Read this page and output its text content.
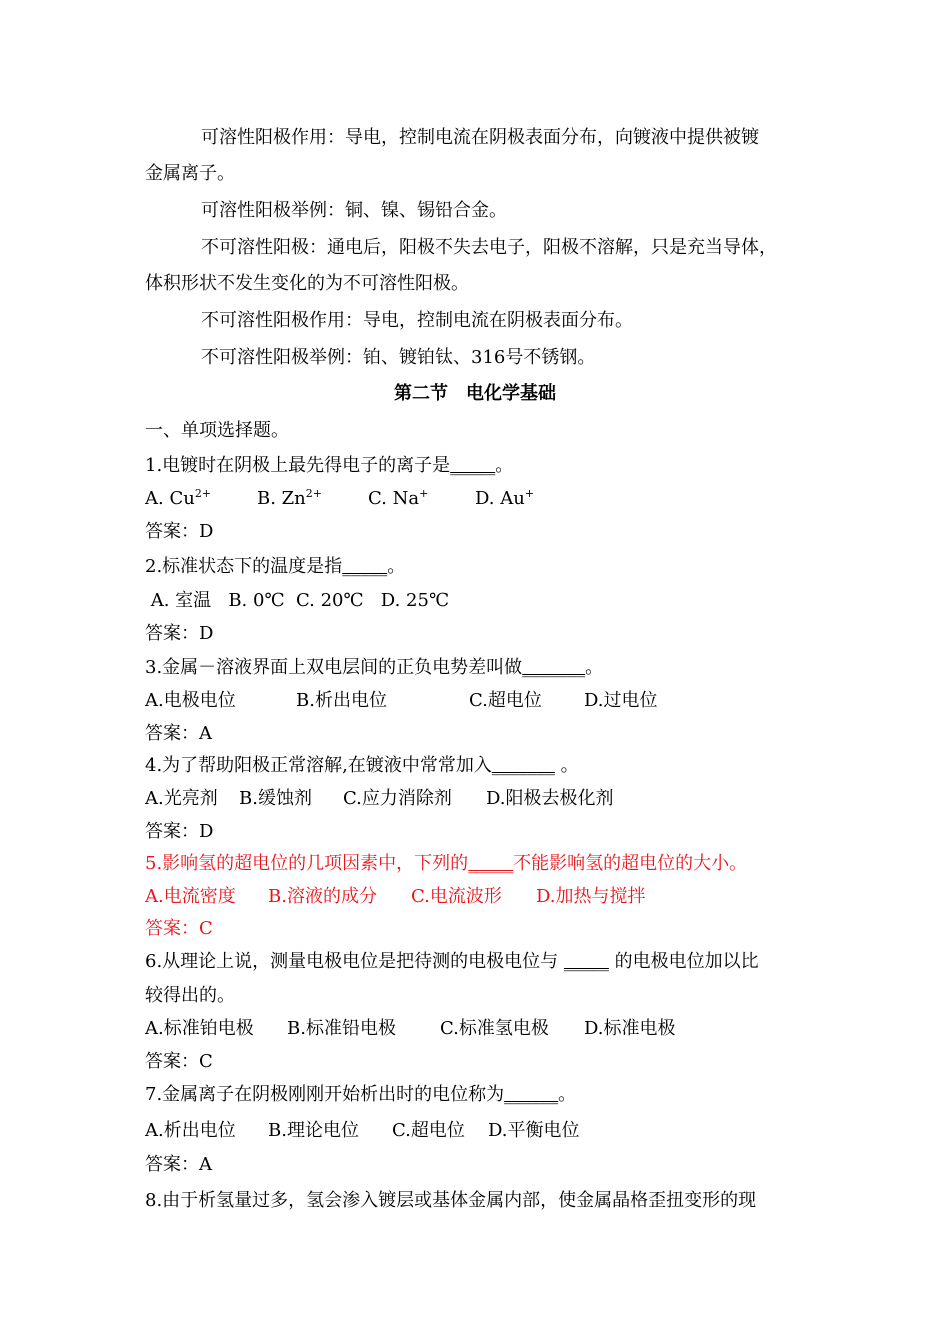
可溶性阳极作用：导电，控制电流在阴极表面分布，向镀液中提供被镀
金属离子。
可溶性阳极举例：铜、镍、锡铅合金。
不可溶性阳极：通电后，阳极不失去电子，阳极不溶解，只是充当导体，
体积形状不发生变化的为不可溶性阳极。
不可溶性阳极作用：导电，控制电流在阴极表面分布。
不可溶性阳极举例：铂、镀铂钛、316号不锈钢。
第二节　电化学基础
一、单项选择题。
1.电镀时在阴极上最先得电子的离子是_____。
A. $Cu^{2+}$	B. $Zn^{2+}$	C. Na+	D. Au+
答案：D
2.标准状态下的温度是指_____。
A. 室温   B. 0℃  C. 20℃   D. 25℃
答案：D
3.金属－溶液界面上双电层间的正负电势差叫做_______。
A.电极电位	B.析出电位	C.超电位 D.过电位
答案：A
4.为了帮助阳极正常溶解,在镀液中常常加入_______ 。
A.光亮剂 B.缓蚀剂 C.应力消除剂 D.阳极去极化剂
答案：D
5.影响氢的超电位的几项因素中，下列的_____不能影响氢的超电位的大小。
A.电流密度 B.溶液的成分 C.电流波形 D.加热与搅拌
答案：C
6.从理论上说，测量电极电位是把待测的电极电位与 _____ 的电极电位加以比
较得出的。
A.标准铂电极 B.标准铅电极 C.标准氢电极 D.标准电极
答案：C
7.金属离子在阴极刚刚开始析出时的电位称为______。
A.析出电位 B.理论电位 C.超电位 D.平衡电位
答案：A
8.由于析氢量过多，氢会渗入镀层或基体金属内部，使金属晶格歪扭变形的现
